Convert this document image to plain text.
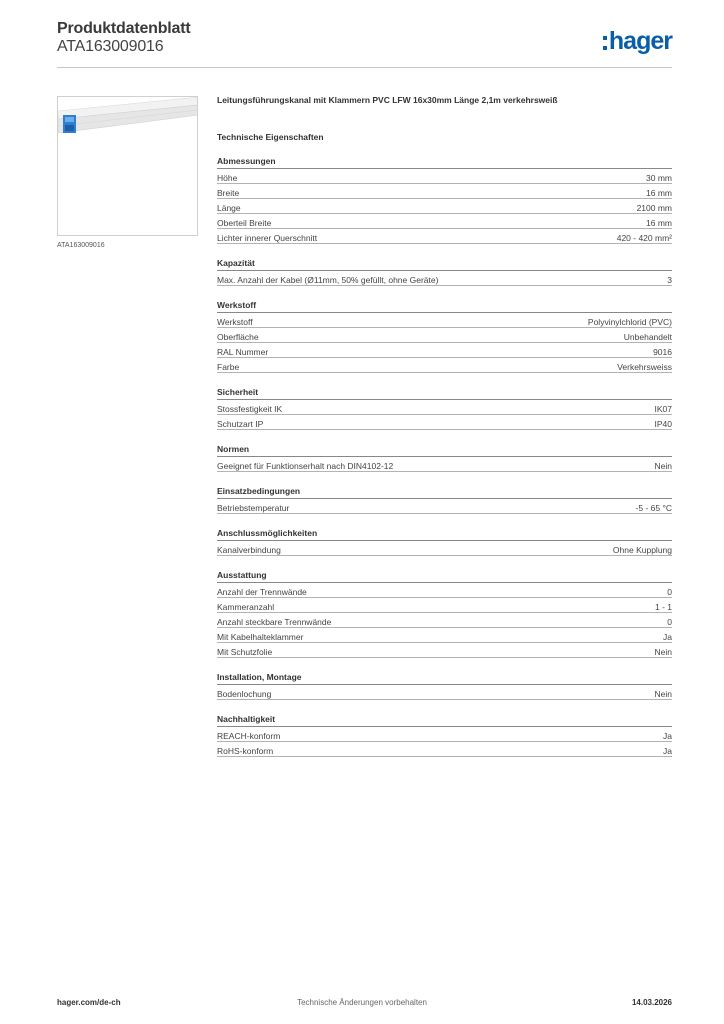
Produktdatenblatt
ATA163009016	hager
ATA163009016
Leitungsführungskanal mit Klammern PVC LFW 16x30mm Länge 2,1m verkehrsweiß
Technische Eigenschaften
Abmessungen
Höhe	30 mm
Breite	16 mm
Länge	2100 mm
Oberteil Breite	16 mm
Lichter innerer Querschnitt	420 - 420 mm²
Kapazität
Max. Anzahl der Kabel (Ø11mm, 50% gefüllt, ohne Geräte)	3
Werkstoff
Werkstoff	Polyvinylchlorid (PVC)
Oberfläche	Unbehandelt
RAL Nummer	9016
Farbe	Verkehrsweiss
Sicherheit
Stossfestigkeit IK	IK07
Schutzart IP	IP40
Normen
Geeignet für Funktionserhalt nach DIN4102-12	Nein
Einsatzbedingungen
Betriebstemperatur	-5 - 65 °C
Anschlussmöglichkeiten
Kanalverbindung	Ohne Kupplung
Ausstattung
Anzahl der Trennwände	0
Kammeranzahl	1 - 1
Anzahl steckbare Trennwände	0
Mit Kabelhalteklammer	Ja
Mit Schutzfolie	Nein
Installation, Montage
Bodenlochung	Nein
Nachhaltigkeit
REACH-konform	Ja
RoHS-konform	Ja
hager.com/de-ch	Technische Änderungen vorbehalten	14.03.2026
